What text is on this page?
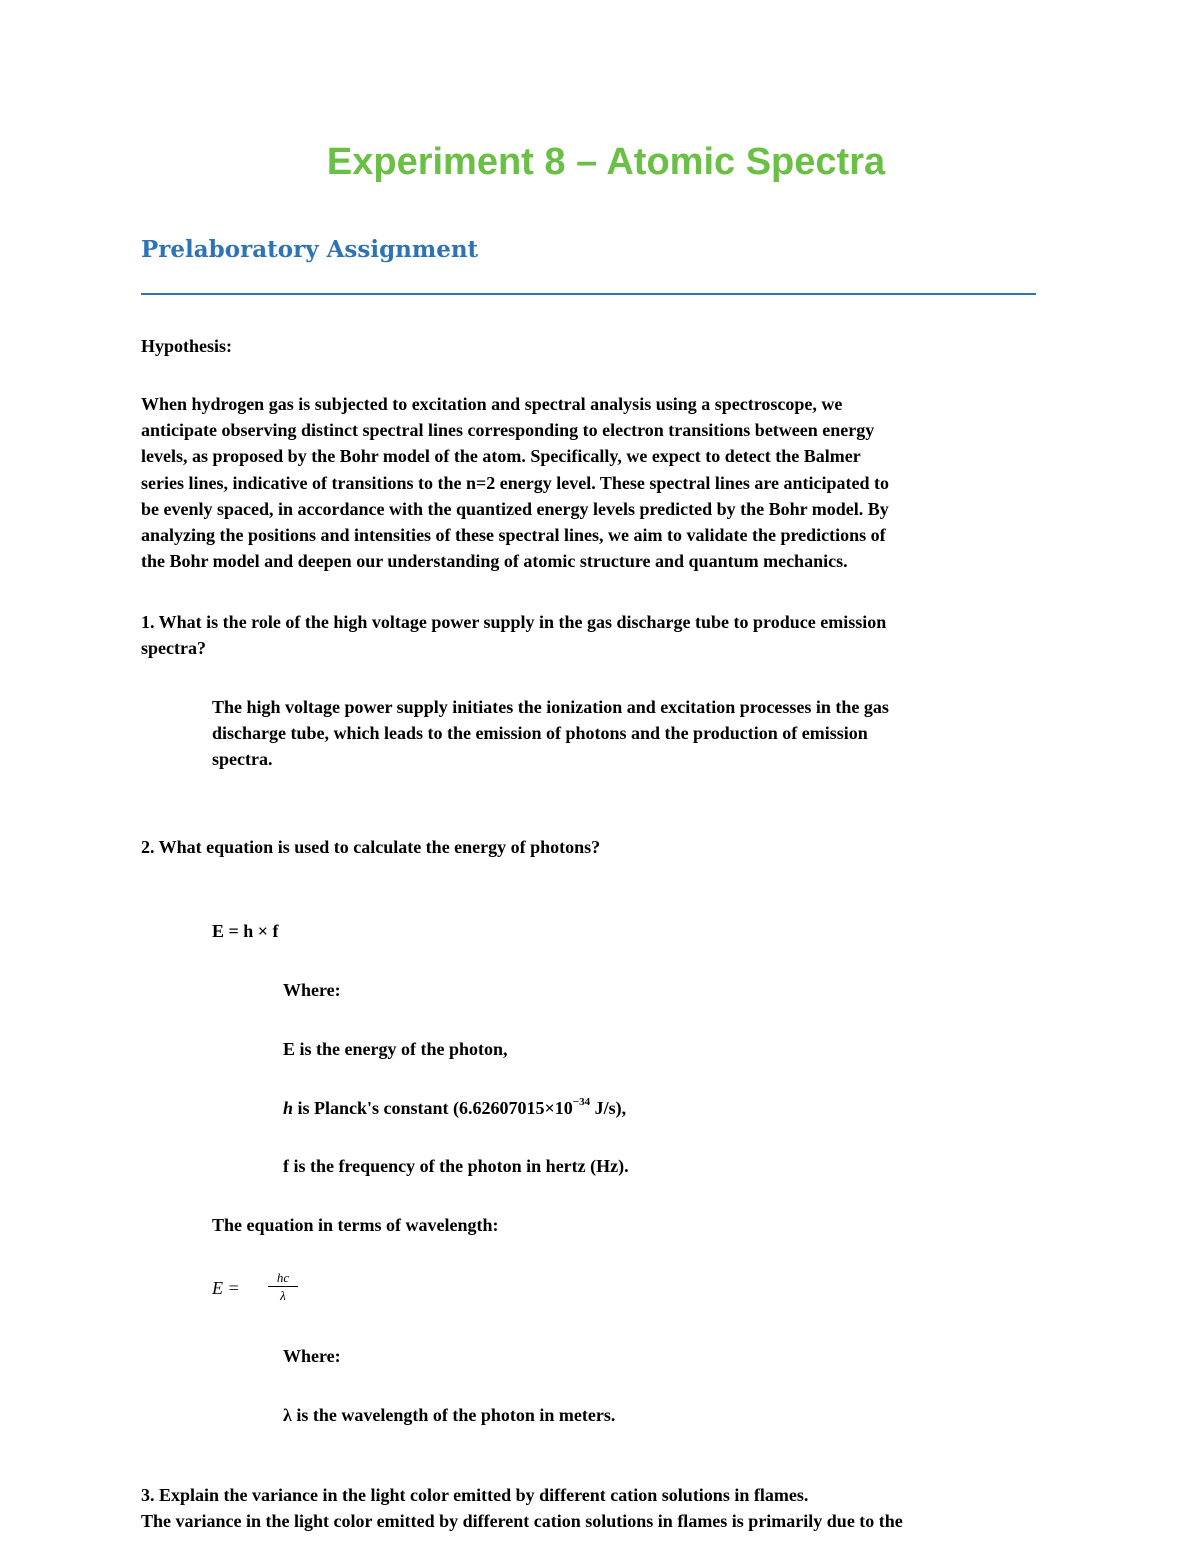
Experiment 8 – Atomic Spectra
Prelaboratory Assignment

Hypothesis:

When hydrogen gas is subjected to excitation and spectral analysis using a spectroscope, we
anticipate observing distinct spectral lines corresponding to electron transitions between energy
levels, as proposed by the Bohr model of the atom. Specifically, we expect to detect the Balmer
series lines, indicative of transitions to the n=2 energy level. These spectral lines are anticipated to
be evenly spaced, in accordance with the quantized energy levels predicted by the Bohr model. By
analyzing the positions and intensities of these spectral lines, we aim to validate the predictions of
the Bohr model and deepen our understanding of atomic structure and quantum mechanics.
1. What is the role of the high voltage power supply in the gas discharge tube to produce emission
spectra?
The high voltage power supply initiates the ionization and excitation processes in the gas
discharge tube, which leads to the emission of photons and the production of emission
spectra.

2. What equation is used to calculate the energy of photons?

E = h × f

Where:

E is the energy of the photon,

h is Planck's constant ($6.62607015\times 10^{-34}$ J/s),

f is the frequency of the photon in hertz (Hz).

The equation in terms of wavelength:

$E = \frac{hc}{\lambda}$

Where:

λ is the wavelength of the photon in meters.

3. Explain the variance in the light color emitted by different cation solutions in flames.

The variance in the light color emitted by different cation solutions in flames is primarily due to the
